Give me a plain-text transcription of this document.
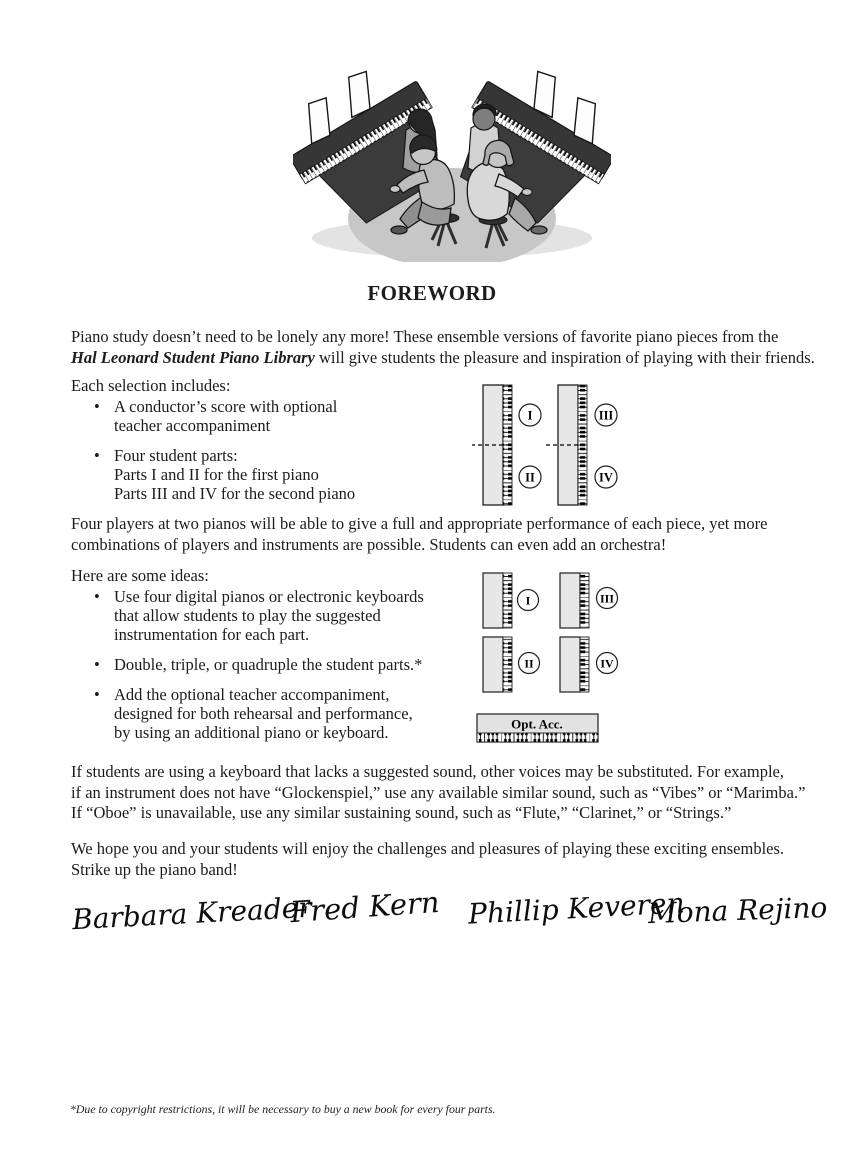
FOREWORD

Piano study doesn’t need to be lonely any more! These ensemble versions of favorite piano pieces from the
Hal Leonard Student Piano Library will give students the pleasure and inspiration of playing with their friends.

Each selection includes:

• A conductor’s score with optional
teacher accompaniment
• Four student parts:
Parts I and II for the first piano
Parts III and IV for the second piano
I
II
III
IV

Four players at two pianos will be able to give a full and appropriate performance of each piece, yet more
combinations of players and instruments are possible. Students can even add an orchestra!

Here are some ideas:

• Use four digital pianos or electronic keyboards
that allow students to play the suggested
instrumentation for each part.
• Double, triple, or quadruple the student parts.*
• Add the optional teacher accompaniment,
designed for both rehearsal and performance,
by using an additional piano or keyboard.
I	III
II	IV
Opt. Acc.

If students are using a keyboard that lacks a suggested sound, other voices may be substituted. For example,
if an instrument does not have “Glockenspiel,” use any available similar sound, such as “Vibes” or “Marimba.”
If “Oboe” is unavailable, use any similar sustaining sound, such as “Flute,” “Clarinet,” or “Strings.”

We hope you and your students will enjoy the challenges and pleasures of playing these exciting ensembles.
Strike up the piano band!

Barbara Kreader
Fred Kern Phillip Keveren
Mona Rejino
*Due to copyright restrictions, it will be necessary to buy a new book for every four parts.
